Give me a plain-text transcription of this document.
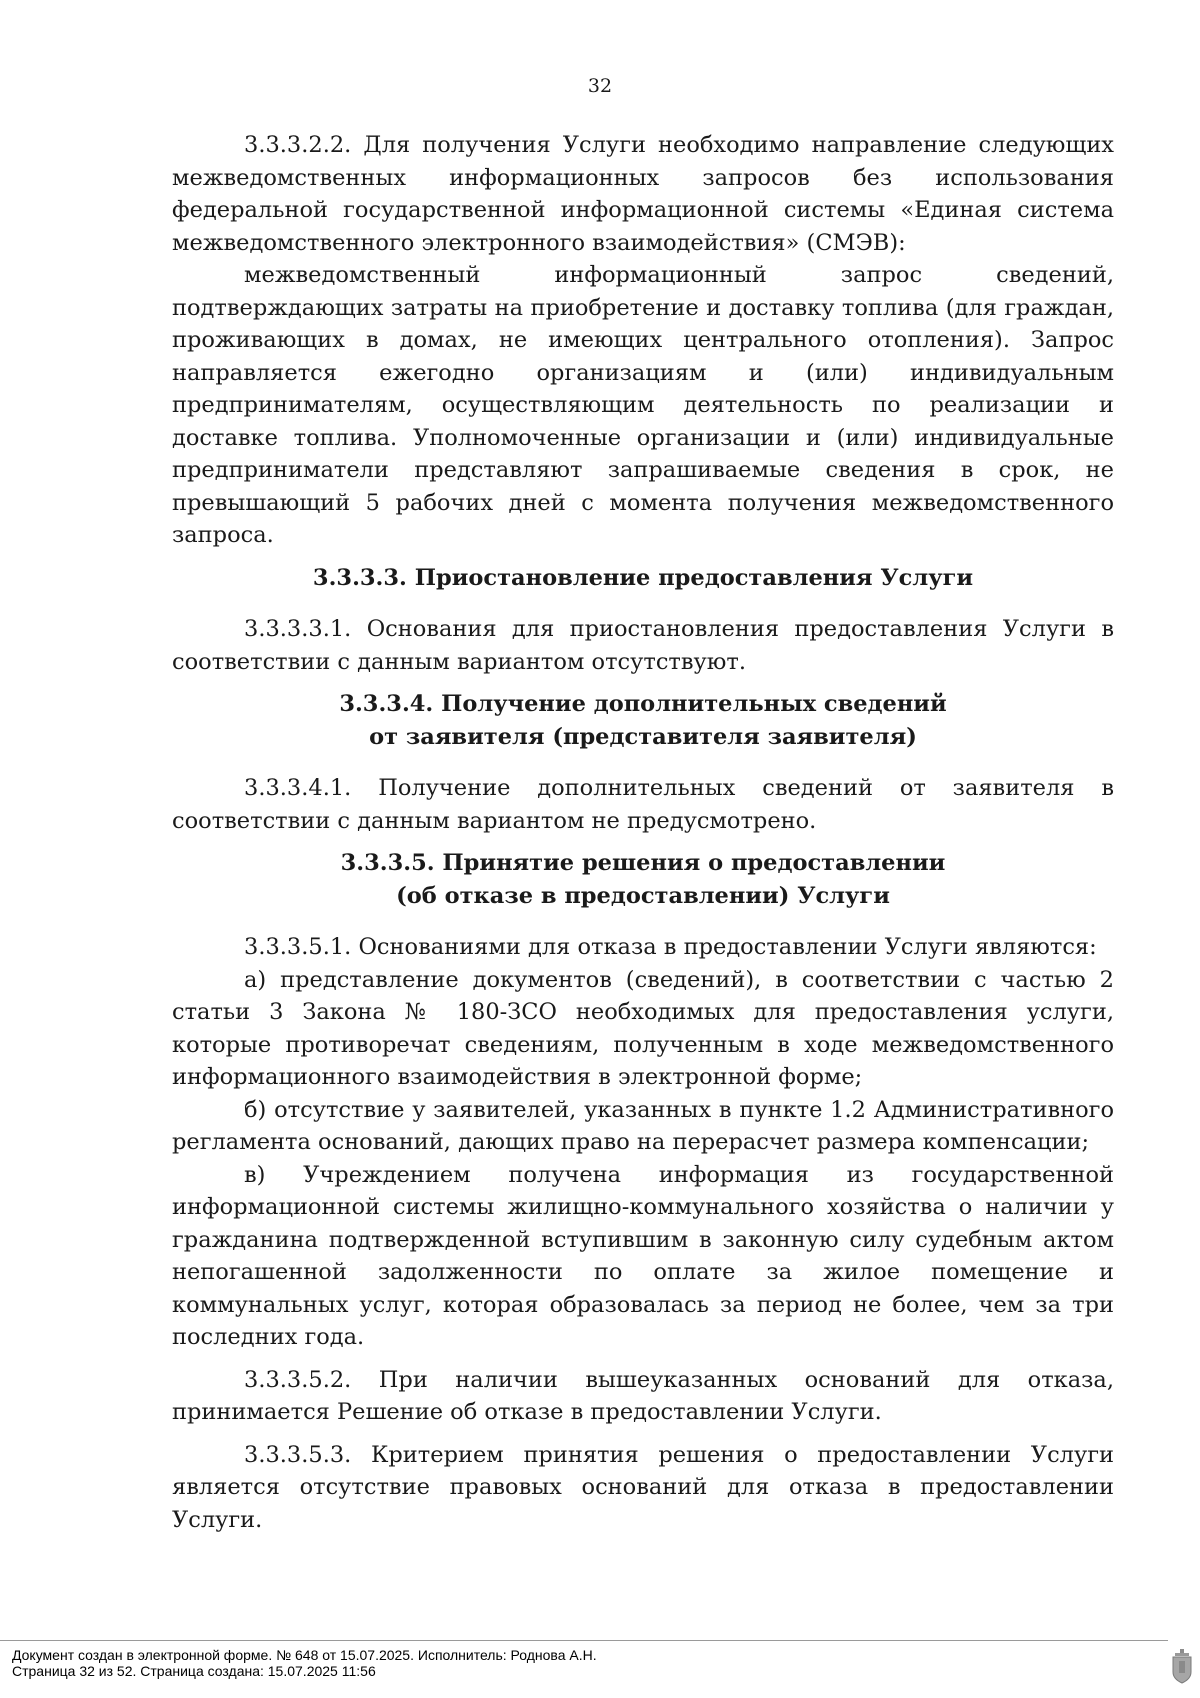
32

3.3.3.2.2. Для получения Услуги необходимо направление следующих межведомственных информационных запросов без использования федеральной государственной информационной системы «Единая система межведомственного электронного взаимодействия» (СМЭВ):

межведомственный информационный запрос сведений, подтверждающих затраты на приобретение и доставку топлива (для граждан, проживающих в домах, не имеющих центрального отопления). Запрос направляется ежегодно организациям и (или) индивидуальным предпринимателям, осуществляющим деятельность по реализации и доставке топлива. Уполномоченные организации и (или) индивидуальные предприниматели представляют запрашиваемые сведения в срок, не превышающий 5 рабочих дней с момента получения межведомственного запроса.

3.3.3.3. Приостановление предоставления Услуги

3.3.3.3.1. Основания для приостановления предоставления Услуги в соответствии с данным вариантом отсутствуют.

3.3.3.4. Получение дополнительных сведений от заявителя (представителя заявителя)

3.3.3.4.1. Получение дополнительных сведений от заявителя в соответствии с данным вариантом не предусмотрено.

3.3.3.5. Принятие решения о предоставлении (об отказе в предоставлении) Услуги

3.3.3.5.1. Основаниями для отказа в предоставлении Услуги являются:

а) представление документов (сведений), в соответствии с частью 2 статьи 3 Закона № 180-ЗСО необходимых для предоставления услуги, которые противоречат сведениям, полученным в ходе межведомственного информационного взаимодействия в электронной форме;

б) отсутствие у заявителей, указанных в пункте 1.2 Административного регламента оснований, дающих право на перерасчет размера компенсации;

в) Учреждением получена информация из государственной информационной системы жилищно-коммунального хозяйства о наличии у гражданина подтвержденной вступившим в законную силу судебным актом непогашенной задолженности по оплате за жилое помещение и коммунальных услуг, которая образовалась за период не более, чем за три последних года.

3.3.3.5.2. При наличии вышеуказанных оснований для отказа, принимается Решение об отказе в предоставлении Услуги.

3.3.3.5.3. Критерием принятия решения о предоставлении Услуги является отсутствие правовых оснований для отказа в предоставлении Услуги.

Документ создан в электронной форме. № 648 от 15.07.2025. Исполнитель: Роднова А.Н.
Страница 32 из 52. Страница создана: 15.07.2025 11:56
